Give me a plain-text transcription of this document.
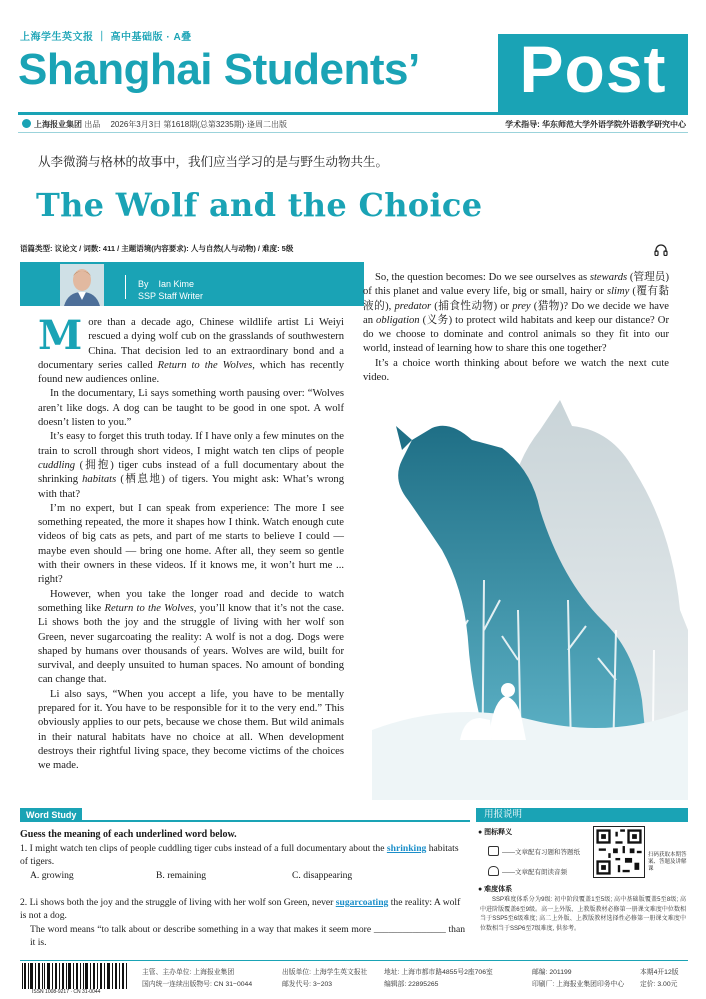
上海学生英文报 ｜ 高中基础版 · A叠
Shanghai Students’	Post
上海报业集团 出品 2026年3月3日 第1618期(总第3235期)·逢周二出版	学术指导: 华东师范大学外语学院外语教学研究中心
从李微漪与格林的故事中，我们应当学习的是与野生动物共生。
The Wolf and the Choice
语篇类型: 议论文 / 词数: 411 / 主题语境(内容要求): 人与自然(人与动物) / 难度: 5级
By Ian Kime
SSP Staff Writer

More than a decade ago, Chinese wildlife artist Li Weiyi rescued a dying wolf cub on the grasslands of southwestern China. That decision led to an extraordinary bond and a documentary series called Return to the Wolves, which has recently found new audiences online.

In the documentary, Li says something worth pausing over: “Wolves aren’t like dogs. A dog can be taught to be good in one spot. A wolf doesn’t listen to you.”

It’s easy to forget this truth today. If I have only a few minutes on the train to scroll through short videos, I might watch ten clips of people cuddling (拥抱) tiger cubs instead of a full documentary about the shrinking habitats (栖息地) of tigers. You might ask: What’s wrong with that?

I’m no expert, but I can speak from experience: The more I see something repeated, the more it shapes how I think. Watch enough cute videos of big cats as pets, and part of me starts to believe I could — maybe even should — bring one home. After all, they seem so gentle with their owners in these videos. If it knows me, it won’t hurt me ... right?

However, when you take the longer road and decide to watch something like Return to the Wolves, you’ll know that it’s not the case. Li shows both the joy and the struggle of living with her wolf son Green, never sugarcoating the reality: A wolf is not a dog. Dogs were shaped by humans over thousands of years. Wolves are wild, built for survival, and deeply unsuited to human spaces. No amount of bonding can change that.

Li also says, “When you accept a life, you have to be mentally prepared for it. You have to be responsible for it to the very end.” This obviously applies to our pets, because we chose them. But wild animals in their natural habitats have no choice at all. When development destroys their rightful living space, they become victims of the choices we made.

So, the question becomes: Do we see ourselves as stewards (管理员) of this planet and value every life, big or small, hairy or slimy (覆有黏液的), predator (捕食性动物) or prey (猎物)? Do we decide we have an obligation (义务) to protect wild habitats and keep our distance? Or do we choose to dominate and control animals so they fit into our world, instead of learning how to share this one together?

It’s a choice worth thinking about before we watch the next cute video.

Word Study
Guess the meaning of each underlined word below.
1. I might watch ten clips of people cuddling tiger cubs instead of a full documentary about the shrinking habitats of tigers.
A. growing	B. remaining	C. disappearing
2. Li shows both the joy and the struggle of living with her wolf son Green, never sugarcoating the reality: A wolf is not a dog.
The word means “to talk about or describe something in a way that makes it seem more _______________ than it is.
用报说明
● 图标释义
——文章配有习题和答题纸
——文章配有朗读音频
扫码获取本期答案、答题及讲解课
● 难度体系
SSP难度体系分为9级: 初中阶段覆盖1至5级; 高中基础版覆盖5至8级; 高中进阶版覆盖6至9级。高一上外版、上教版教材必修第一册课文难度中位数相当于SSP5至6级难度; 高二上外版、上教版教材选择性必修第一册课文难度中位数相当于SSP6至7级难度, 供参考。
ISSN 1008-9217 · CN 31-0044
主管、主办单位: 上海报业集团
国内统一连续出版物号: CN 31−0044
出版单位: 上海学生英文报社
邮发代号: 3−203
地址: 上海市都市路4855号2座706室
编辑部: 22895265
邮编: 201199
印刷厂: 上海报业集团印务中心
本期4开12版
定价: 3.00元
